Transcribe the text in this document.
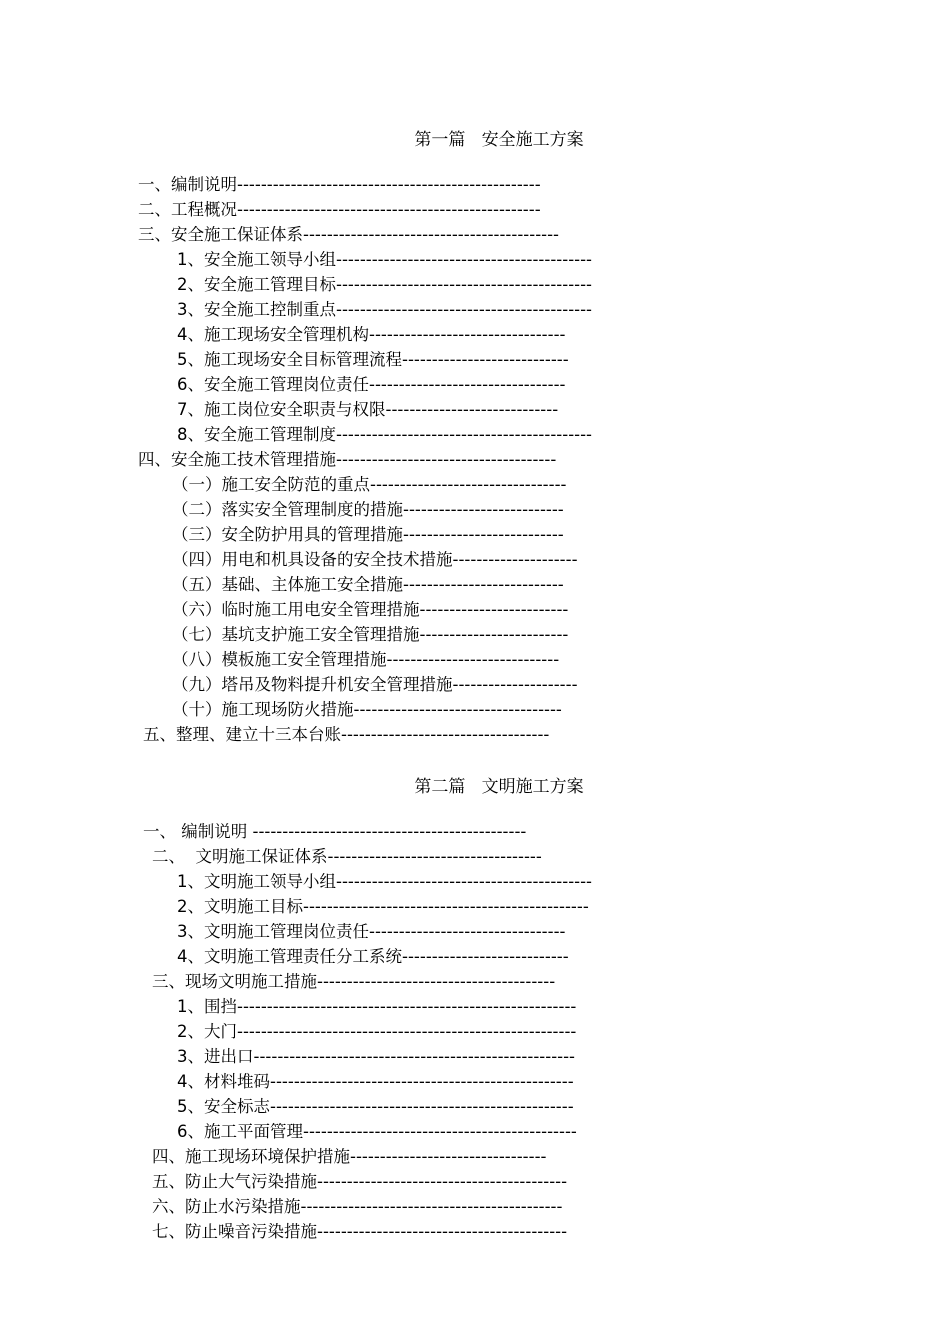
第一篇   安全施工方案
一、编制说明---------------------------------------------------
二、工程概况---------------------------------------------------
三、安全施工保证体系-------------------------------------------
1、安全施工领导小组-------------------------------------------
2、安全施工管理目标-------------------------------------------
3、安全施工控制重点-------------------------------------------
4、施工现场安全管理机构---------------------------------
5、施工现场安全目标管理流程----------------------------
6、安全施工管理岗位责任---------------------------------
7、施工岗位安全职责与权限-----------------------------
8、安全施工管理制度-------------------------------------------
四、安全施工技术管理措施-------------------------------------
（一）施工安全防范的重点---------------------------------
（二）落实安全管理制度的措施---------------------------
（三）安全防护用具的管理措施---------------------------
（四）用电和机具设备的安全技术措施---------------------
（五）基础、主体施工安全措施---------------------------
（六）临时施工用电安全管理措施-------------------------
（七）基坑支护施工安全管理措施-------------------------
（八）模板施工安全管理措施-----------------------------
（九）塔吊及物料提升机安全管理措施---------------------
（十）施工现场防火措施-----------------------------------
五、整理、建立十三本台账-----------------------------------
第二篇   文明施工方案
一、 编制说明 ----------------------------------------------
二、  文明施工保证体系------------------------------------
1、文明施工领导小组-------------------------------------------
2、文明施工目标------------------------------------------------
3、文明施工管理岗位责任---------------------------------
4、文明施工管理责任分工系统----------------------------
三、现场文明施工措施----------------------------------------
1、围挡---------------------------------------------------------
2、大门---------------------------------------------------------
3、进出口------------------------------------------------------
4、材料堆码---------------------------------------------------
5、安全标志---------------------------------------------------
6、施工平面管理----------------------------------------------
四、施工现场环境保护措施---------------------------------
五、防止大气污染措施------------------------------------------
六、防止水污染措施--------------------------------------------
七、防止噪音污染措施------------------------------------------
